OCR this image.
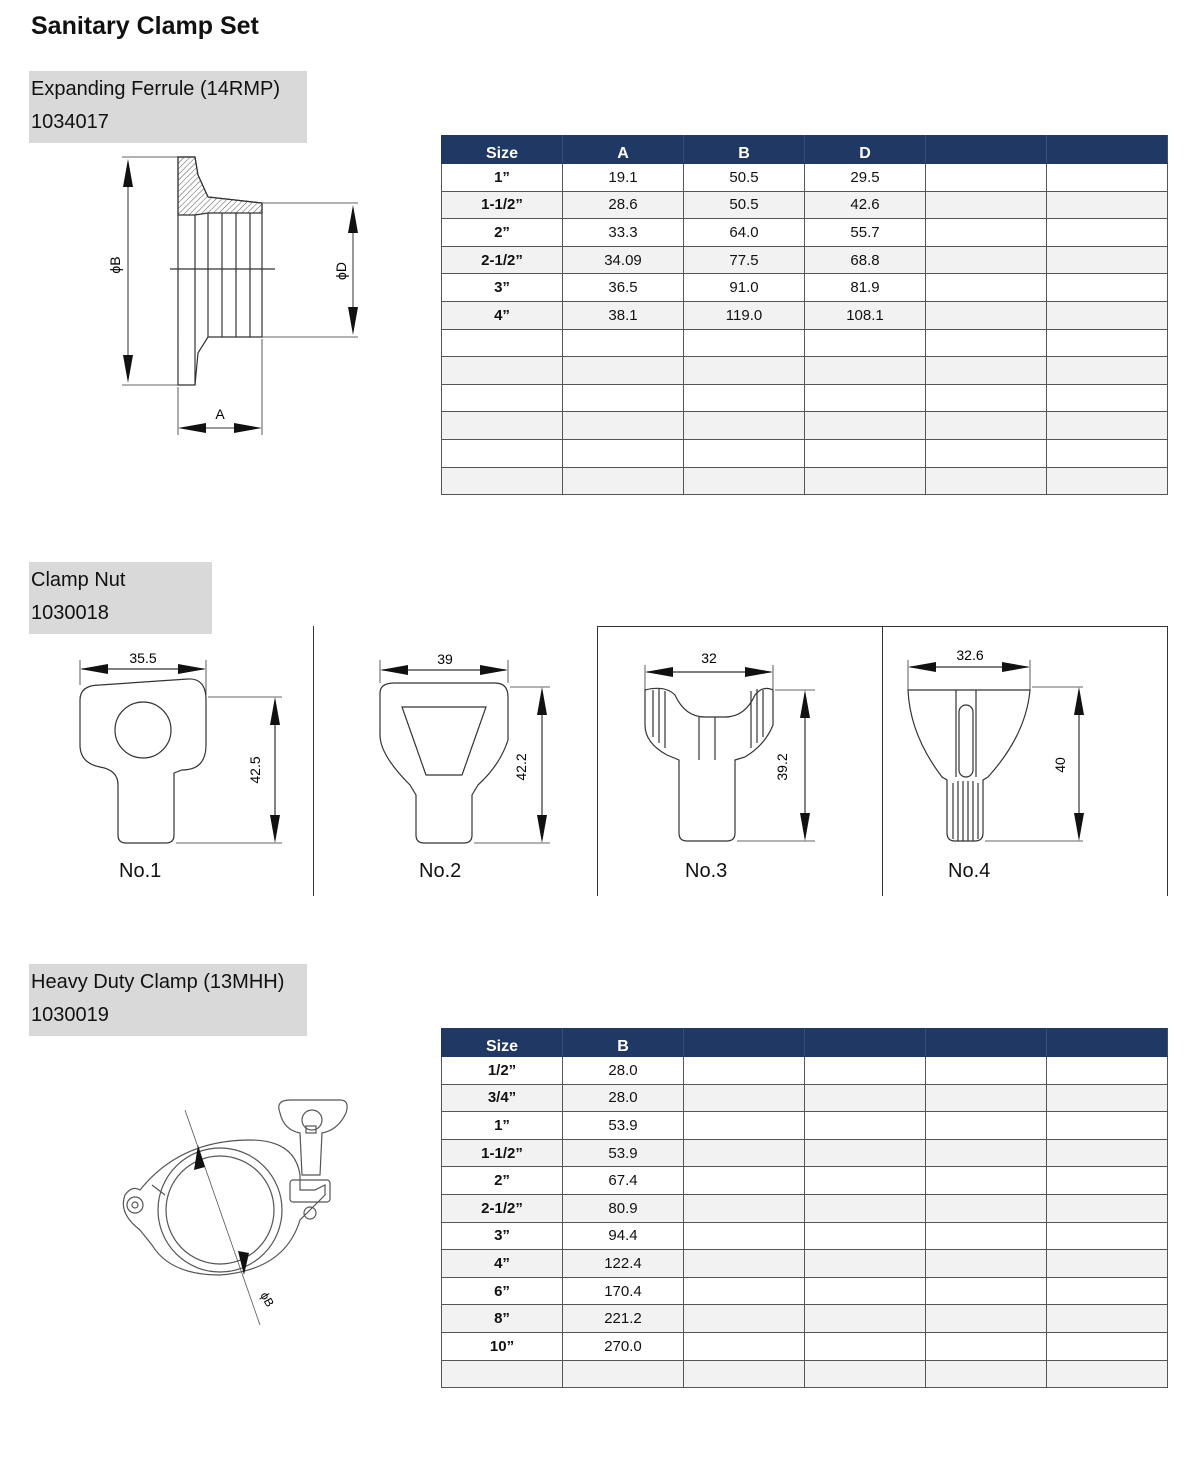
Sanitary Clamp Set
Expanding Ferrule (14RMP)
1034017
ϕB	ϕD
A
Size	A	B	D		
1”	19.1	50.5	29.5		
1-1/2”	28.6	50.5	42.6		
2”	33.3	64.0	55.7		
2-1/2”	34.09	77.5	68.8		
3”	36.5	91.0	81.9		
4”	38.1	119.0	108.1		

Clamp Nut
1030018
35.5
42.5
No.1
39
42.2
No.2
32
39.2
No.3
32.6
40
No.4
Heavy Duty Clamp (13MHH)
1030019
ϕB
Size	B				
1/2”	28.0				
3/4”	28.0				
1”	53.9				
1-1/2”	53.9				
2”	67.4				
2-1/2”	80.9				
3”	94.4				
4”	122.4				
6”	170.4				
8”	221.2				
10”	270.0				
